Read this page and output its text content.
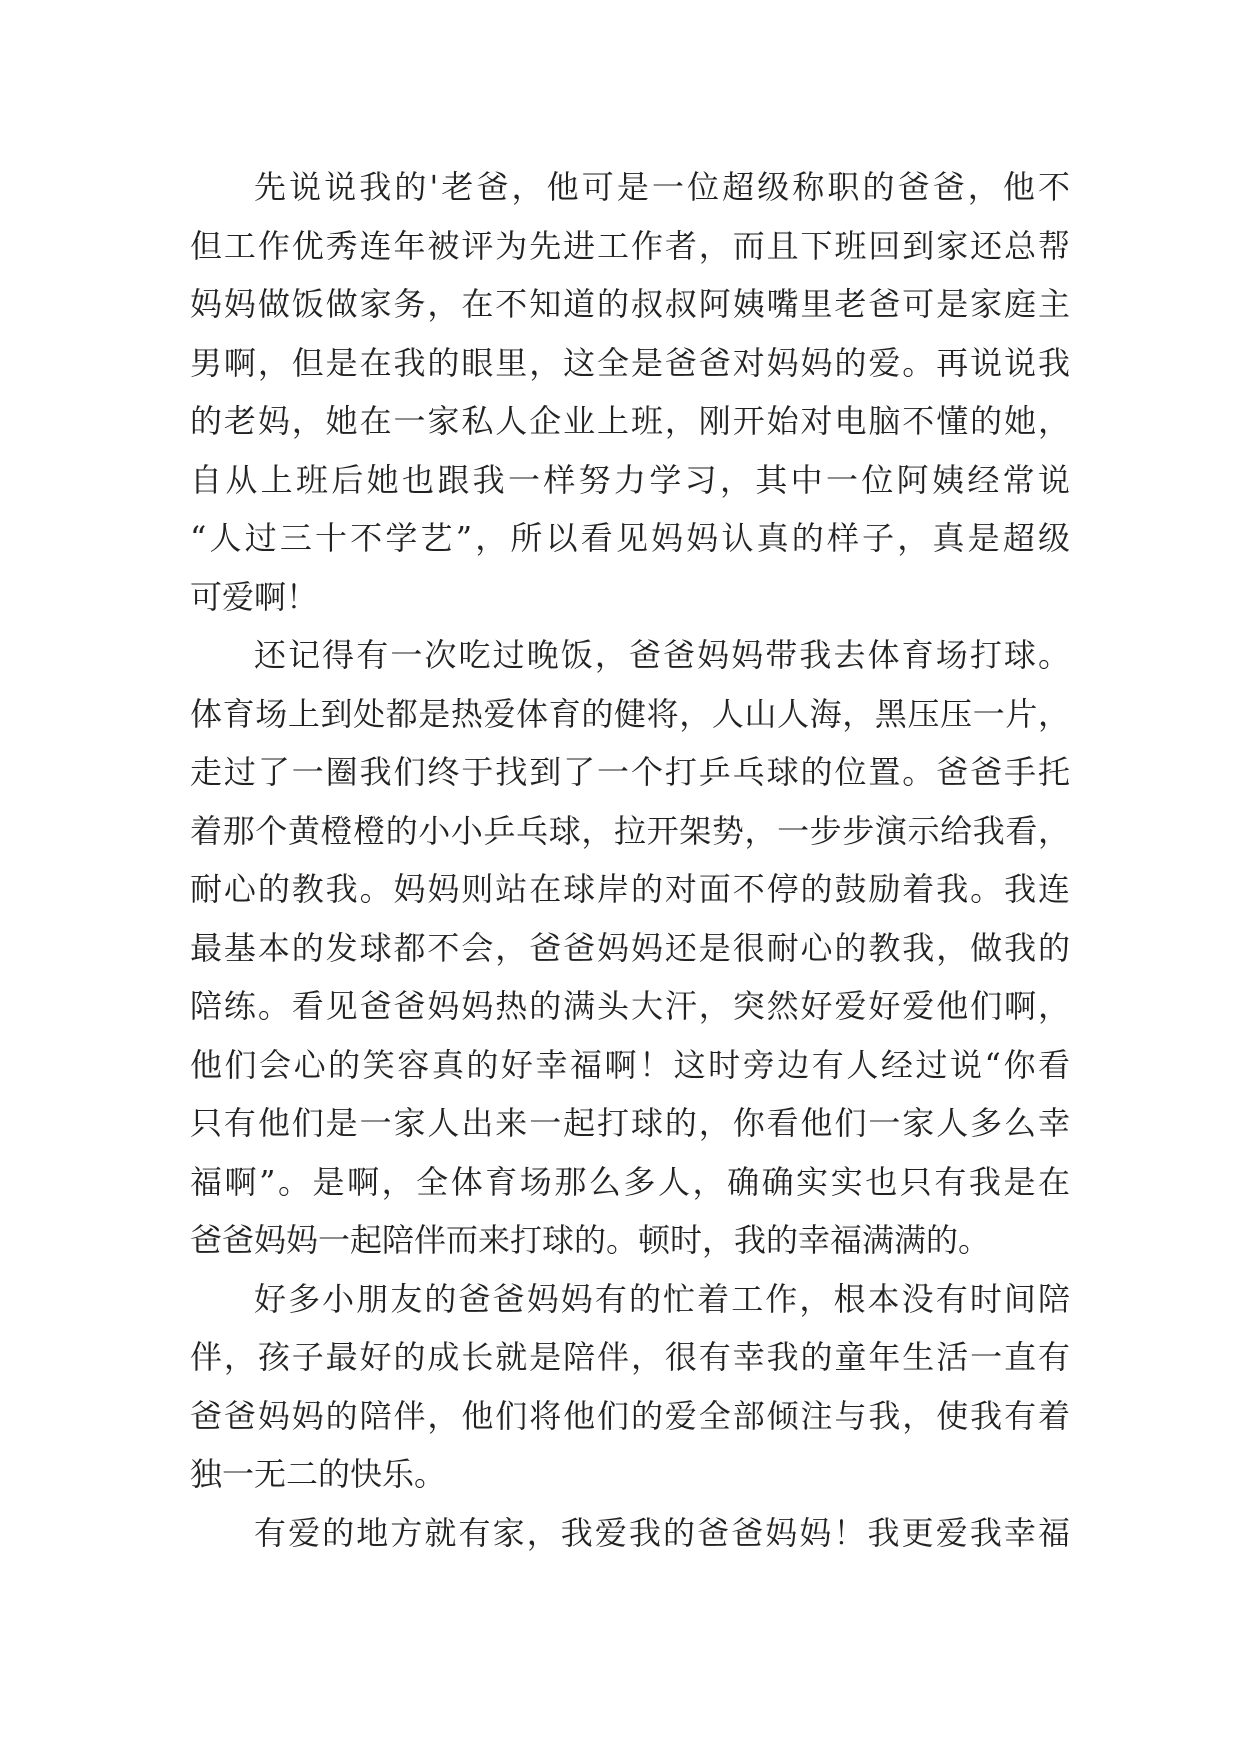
先说说我的'老爸，他可是一位超级称职的爸爸，他不
但工作优秀连年被评为先进工作者，而且下班回到家还总帮
妈妈做饭做家务，在不知道的叔叔阿姨嘴里老爸可是家庭主
男啊，但是在我的眼里，这全是爸爸对妈妈的爱。再说说我
的老妈，她在一家私人企业上班，刚开始对电脑不懂的她，
自从上班后她也跟我一样努力学习，其中一位阿姨经常说
“人过三十不学艺”，所以看见妈妈认真的样子，真是超级
可爱啊！
还记得有一次吃过晚饭，爸爸妈妈带我去体育场打球。
体育场上到处都是热爱体育的健将，人山人海，黑压压一片，
走过了一圈我们终于找到了一个打乒乓球的位置。爸爸手托
着那个黄橙橙的小小乒乓球，拉开架势，一步步演示给我看，
耐心的教我。妈妈则站在球岸的对面不停的鼓励着我。我连
最基本的发球都不会，爸爸妈妈还是很耐心的教我，做我的
陪练。看见爸爸妈妈热的满头大汗，突然好爱好爱他们啊，
他们会心的笑容真的好幸福啊！这时旁边有人经过说“你看
只有他们是一家人出来一起打球的，你看他们一家人多么幸
福啊”。是啊，全体育场那么多人，确确实实也只有我是在
爸爸妈妈一起陪伴而来打球的。顿时，我的幸福满满的。
好多小朋友的爸爸妈妈有的忙着工作，根本没有时间陪
伴，孩子最好的成长就是陪伴，很有幸我的童年生活一直有
爸爸妈妈的陪伴，他们将他们的爱全部倾注与我，使我有着
独一无二的快乐。
有爱的地方就有家，我爱我的爸爸妈妈！我更爱我幸福
